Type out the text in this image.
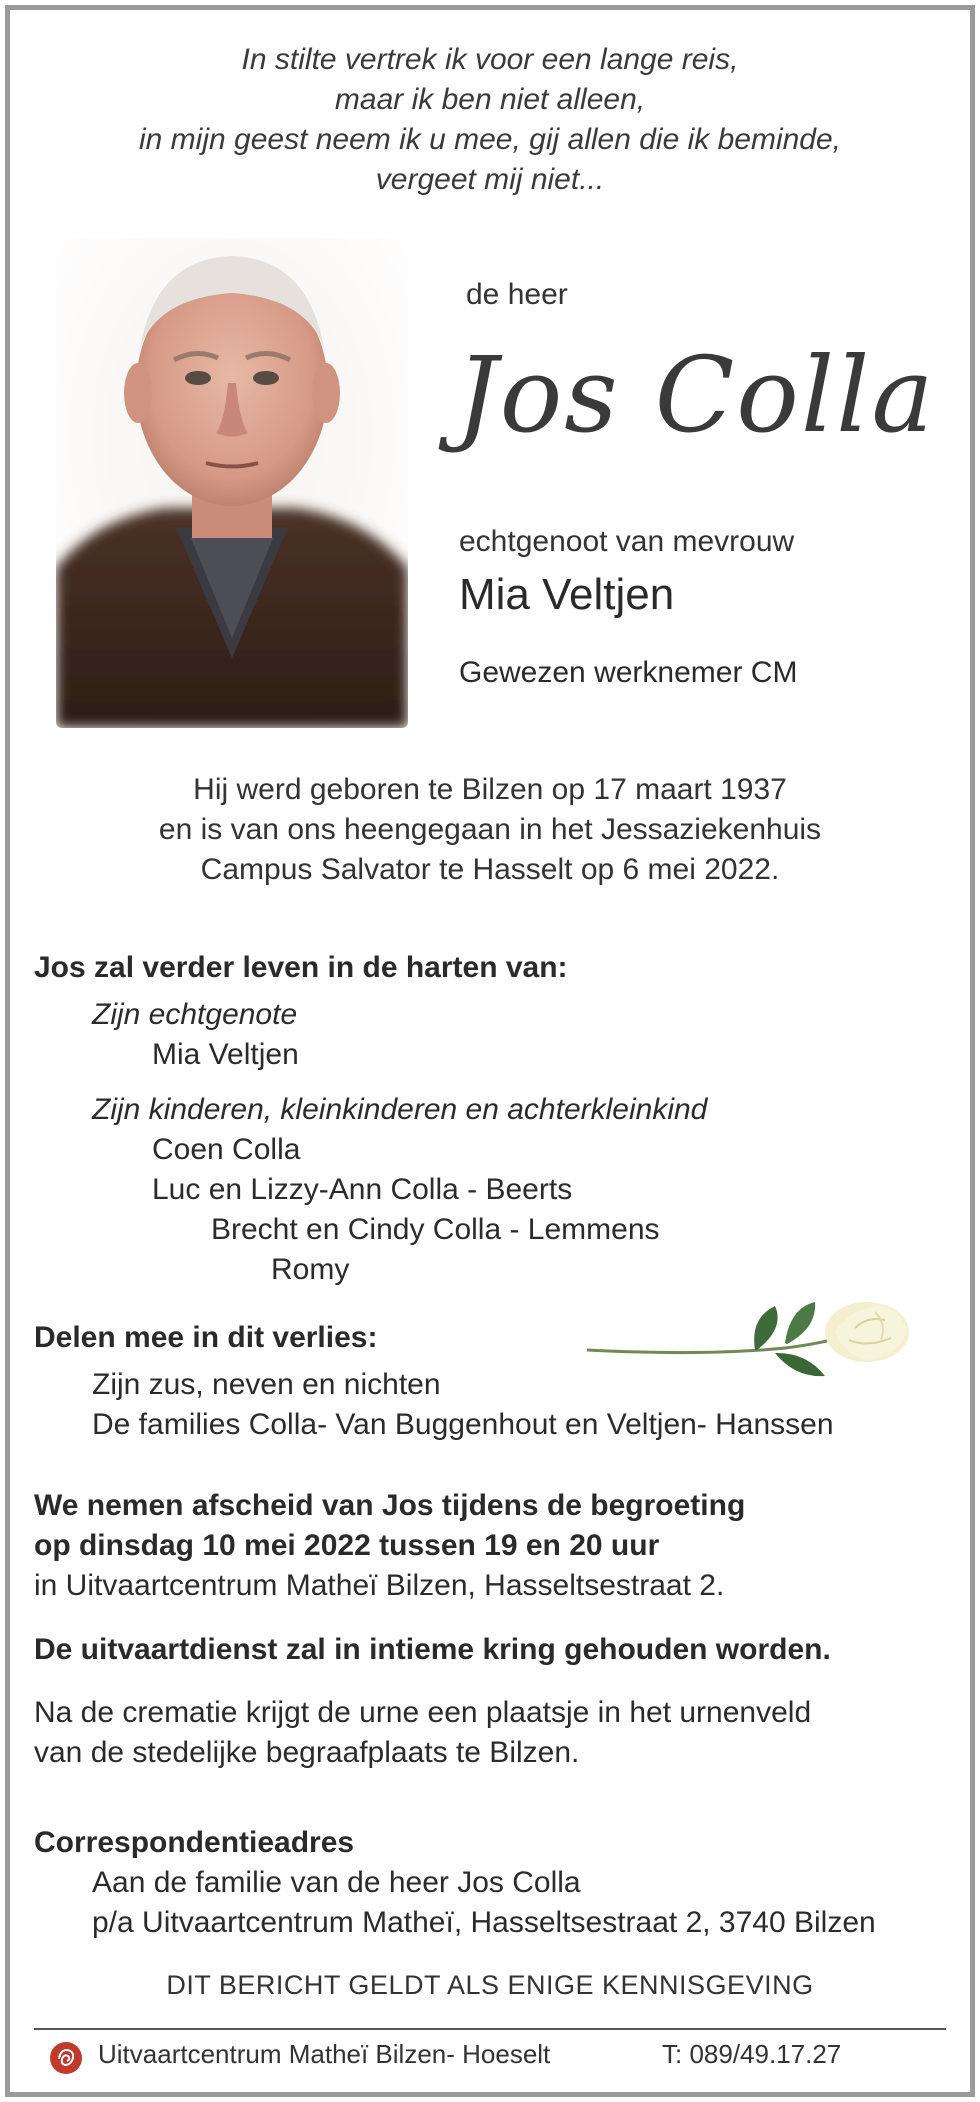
In stilte vertrek ik voor een lange reis,
maar ik ben niet alleen,
in mijn geest neem ik u mee, gij allen die ik beminde,
vergeet mij niet...
de heer
Jos Colla
echtgenoot van mevrouw
Mia Veltjen
Gewezen werknemer CM
Hij werd geboren te Bilzen op 17 maart 1937
en is van ons heengegaan in het Jessaziekenhuis
Campus Salvator te Hasselt op 6 mei 2022.
Jos zal verder leven in de harten van:
Zijn echtgenote
Mia Veltjen
Zijn kinderen, kleinkinderen en achterkleinkind
Coen Colla
Luc en Lizzy-Ann Colla - Beerts
Brecht en Cindy Colla - Lemmens
Romy
Delen mee in dit verlies:
Zijn zus, neven en nichten
De families Colla- Van Buggenhout en Veltjen- Hanssen
We nemen afscheid van Jos tijdens de begroeting
op dinsdag 10 mei 2022 tussen 19 en 20 uur
in Uitvaartcentrum Matheï Bilzen, Hasseltsestraat 2.
De uitvaartdienst zal in intieme kring gehouden worden.
Na de crematie krijgt de urne een plaatsje in het urnenveld
van de stedelijke begraafplaats te Bilzen.
Correspondentieadres
Aan de familie van de heer Jos Colla
p/a Uitvaartcentrum Matheï, Hasseltsestraat 2, 3740 Bilzen
DIT BERICHT GELDT ALS ENIGE KENNISGEVING
Uitvaartcentrum Matheï Bilzen- Hoeselt	T: 089/49.17.27
